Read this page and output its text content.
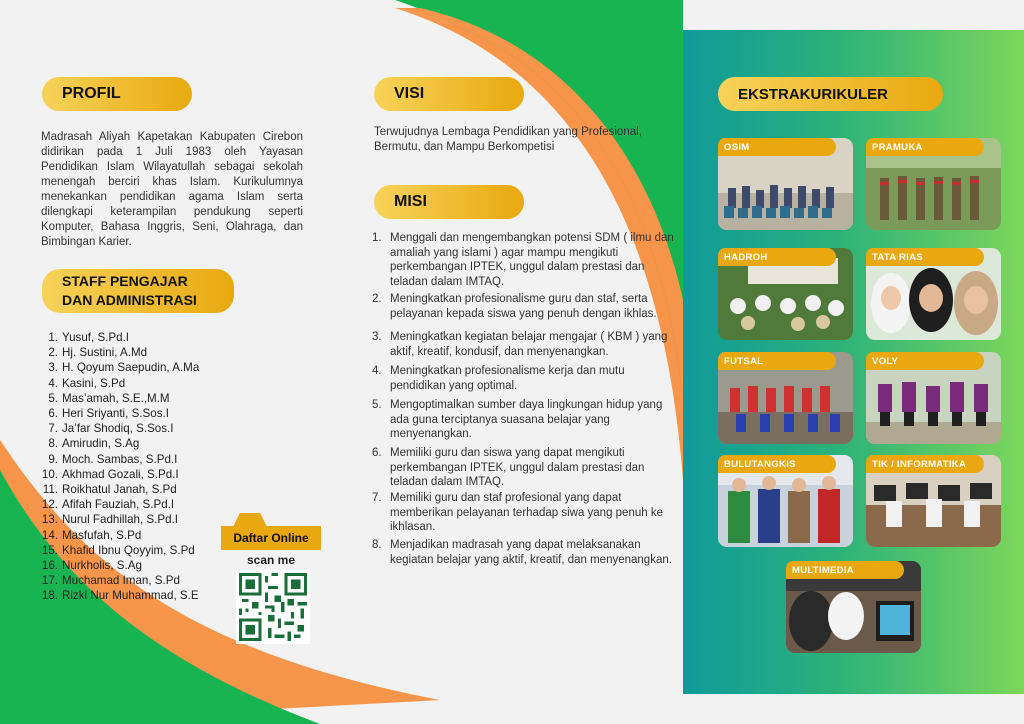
PROFIL
Madrasah Aliyah Kapetakan Kabupaten Cirebon didirikan pada 1 Juli 1983 oleh Yayasan Pendidikan Islam Wilayatullah sebagai sekolah menengah berciri khas Islam. Kurikulumnya menekankan pendidikan agama Islam serta dilengkapi keterampilan pendukung seperti Komputer, Bahasa Inggris, Seni, Olahraga, dan Bimbingan Karier.
STAFF PENGAJAR
DAN ADMINISTRASI
1. Yusuf, S.Pd.I
2. Hj. Sustini, A.Md
3. H. Qoyum Saepudin, A.Ma
4. Kasini, S.Pd
5. Mas’amah, S.E.,M.M
6. Heri Sriyanti, S.Sos.I
7. Ja’far Shodiq, S.Sos.I
8. Amirudin, S.Ag
9. Moch. Sambas, S.Pd.I
10. Akhmad Gozali, S.Pd.I
11. Roikhatul Janah, S.Pd
12. Afifah Fauziah, S.Pd.I
13. Nurul Fadhillah, S.Pd.I
14. Masfufah, S.Pd
15. Khafid Ibnu Qoyyim, S.Pd
16. Nurkholis, S.Ag
17. Muchamad Iman, S.Pd
18. Rizki Nur Muhammad, S.E
Daftar Online
scan me
VISI
Terwujudnya Lembaga Pendidikan yang Profesional, Bermutu, dan Mampu Berkompetisi
MISI
1. Menggali dan mengembangkan potensi SDM ( ilmu dan amaliah yang islami ) agar mampu mengikuti perkembangan IPTEK, unggul dalam prestasi dan teladan dalam IMTAQ.
2. Meningkatkan profesionalisme guru dan staf, serta pelayanan kepada siswa yang penuh dengan ikhlas.
3. Meningkatkan kegiatan belajar mengajar ( KBM ) yang aktif, kreatif, kondusif, dan menyenangkan.
4. Meningkatkan profesionalisme kerja dan mutu pendidikan yang optimal.
5. Mengoptimalkan sumber daya lingkungan hidup yang ada guna terciptanya suasana belajar yang menyenangkan.
6. Memiliki guru dan siswa yang dapat mengikuti perkembangan IPTEK, unggul dalam prestasi dan teladan dalam IMTAQ.
7. Memiliki guru dan staf profesional yang dapat memberikan pelayanan terhadap siwa yang penuh ke ikhlasan.
8. Menjadikan madrasah yang dapat melaksanakan kegiatan belajar yang aktif, kreatif, dan menyenangkan.
EKSTRAKURIKULER
OSIM	PRAMUKA
HADROH	TATA RIAS
FUTSAL	VOLY
BULUTANGKIS	TIK / INFORMATIKA
MULTIMEDIA
